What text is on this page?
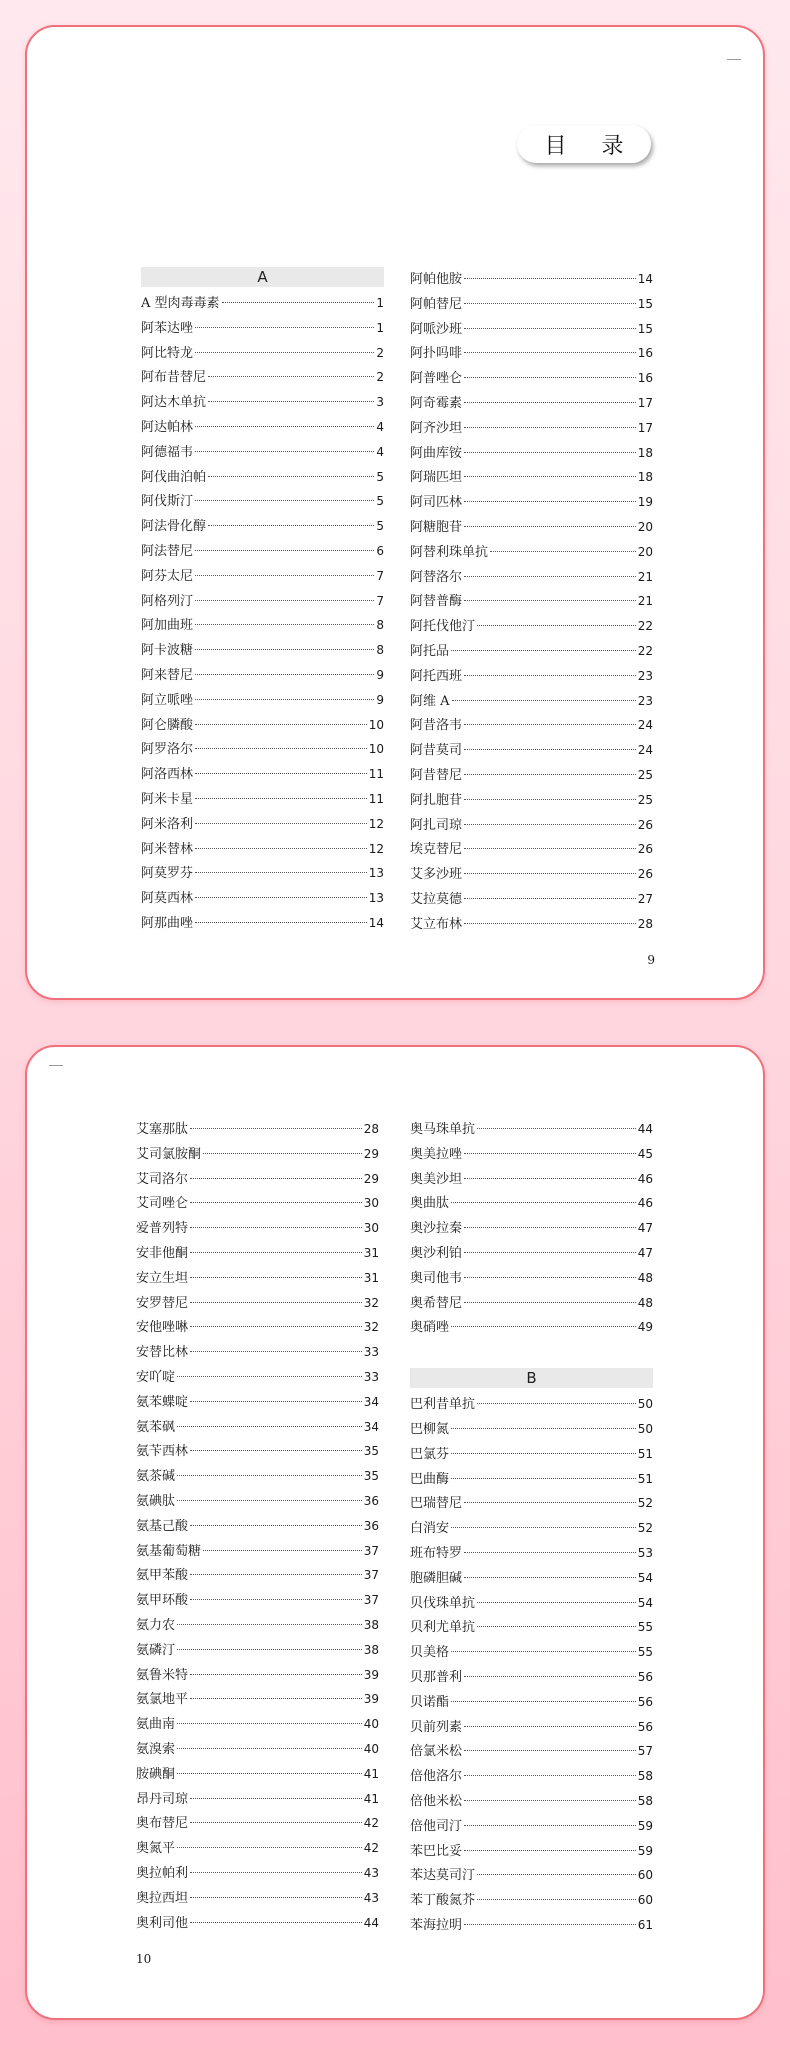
目 录
A
A 型肉毒毒素	1
阿苯达唑	1
阿比特龙	2
阿布昔替尼	2
阿达木单抗	3
阿达帕林	4
阿德福韦	4
阿伐曲泊帕	5
阿伐斯汀	5
阿法骨化醇	5
阿法替尼	6
阿芬太尼	7
阿格列汀	7
阿加曲班	8
阿卡波糖	8
阿来替尼	9
阿立哌唑	9
阿仑膦酸	10
阿罗洛尔	10
阿洛西林	11
阿米卡星	11
阿米洛利	12
阿米替林	12
阿莫罗芬	13
阿莫西林	13
阿那曲唑	14
阿帕他胺	14
阿帕替尼	15
阿哌沙班	15
阿扑吗啡	16
阿普唑仑	16
阿奇霉素	17
阿齐沙坦	17
阿曲库铵	18
阿瑞匹坦	18
阿司匹林	19
阿糖胞苷	20
阿替利珠单抗	20
阿替洛尔	21
阿替普酶	21
阿托伐他汀	22
阿托品	22
阿托西班	23
阿维 A	23
阿昔洛韦	24
阿昔莫司	24
阿昔替尼	25
阿扎胞苷	25
阿扎司琼	26
埃克替尼	26
艾多沙班	26
艾拉莫德	27
艾立布林	28
9
艾塞那肽	28
艾司氯胺酮	29
艾司洛尔	29
艾司唑仑	30
爱普列特	30
安非他酮	31
安立生坦	31
安罗替尼	32
安他唑啉	32
安替比林	33
安吖啶	33
氨苯蝶啶	34
氨苯砜	34
氨苄西林	35
氨茶碱	35
氨碘肽	36
氨基己酸	36
氨基葡萄糖	37
氨甲苯酸	37
氨甲环酸	37
氨力农	38
氨磷汀	38
氨鲁米特	39
氨氯地平	39
氨曲南	40
氨溴索	40
胺碘酮	41
昂丹司琼	41
奥布替尼	42
奥氮平	42
奥拉帕利	43
奥拉西坦	43
奥利司他	44
奥马珠单抗	44
奥美拉唑	45
奥美沙坦	46
奥曲肽	46
奥沙拉秦	47
奥沙利铂	47
奥司他韦	48
奥希替尼	48
奥硝唑	49
B
巴利昔单抗	50
巴柳氮	50
巴氯芬	51
巴曲酶	51
巴瑞替尼	52
白消安	52
班布特罗	53
胞磷胆碱	54
贝伐珠单抗	54
贝利尤单抗	55
贝美格	55
贝那普利	56
贝诺酯	56
贝前列素	56
倍氯米松	57
倍他洛尔	58
倍他米松	58
倍他司汀	59
苯巴比妥	59
苯达莫司汀	60
苯丁酸氮芥	60
苯海拉明	61
10
